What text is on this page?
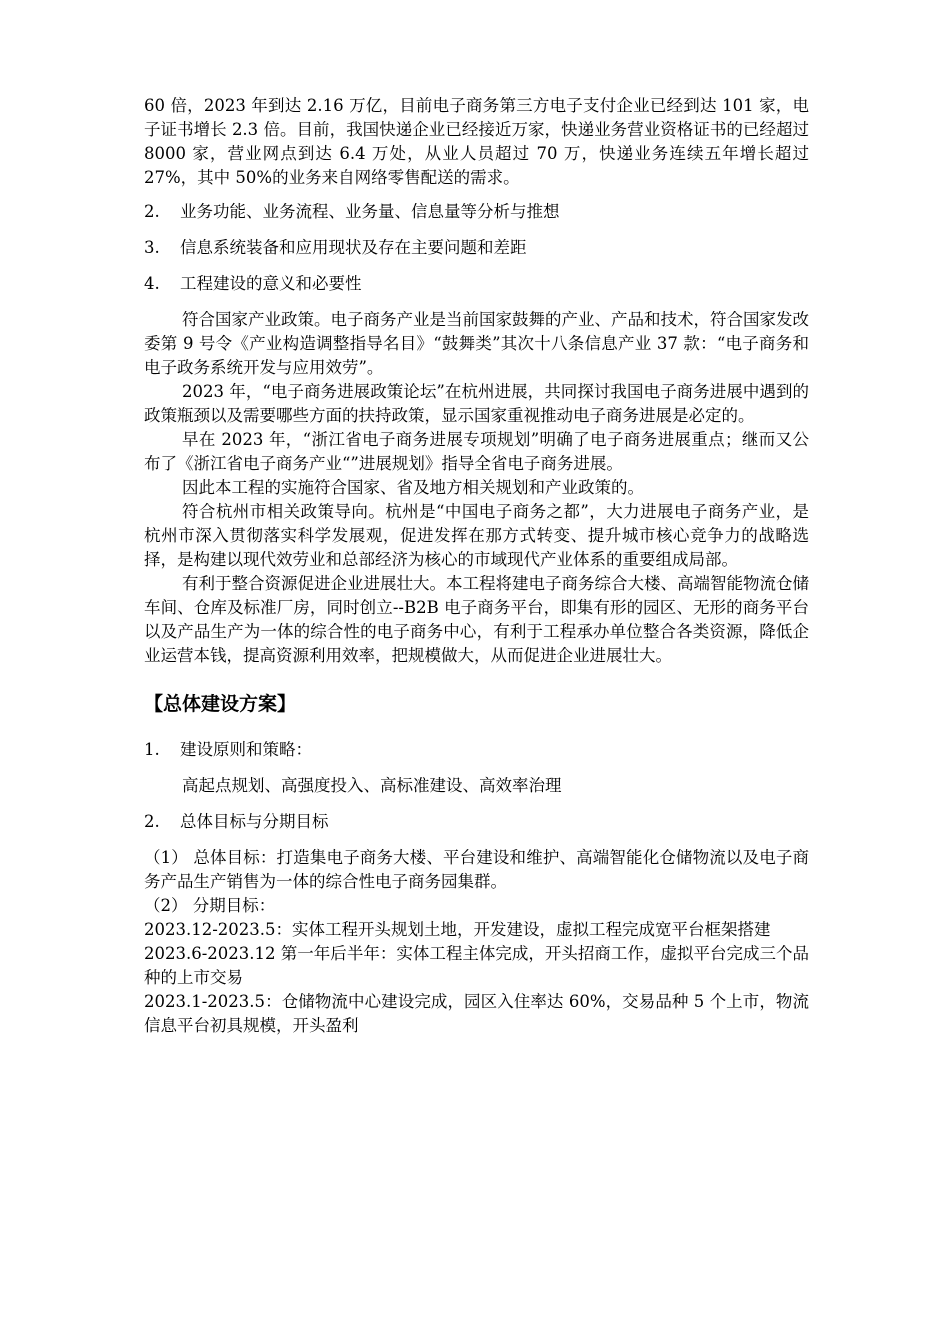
60 倍，2023 年到达 2.16 万亿，目前电子商务第三方电子支付企业已经到达 101 家，电子证书增长 2.3 倍。目前，我国快递企业已经接近万家，快递业务营业资格证书的已经超过 8000 家，营业网点到达 6.4 万处，从业人员超过 70 万，快递业务连续五年增长超过 27%，其中 50%的业务来自网络零售配送的需求。

2. 业务功能、业务流程、业务量、信息量等分析与推想

3. 信息系统装备和应用现状及存在主要问题和差距

4. 工程建设的意义和必要性

符合国家产业政策。电子商务产业是当前国家鼓舞的产业、产品和技术，符合国家发改委第 9 号令《产业构造调整指导名目》“鼓舞类”其次十八条信息产业 37 款：“电子商务和电子政务系统开发与应用效劳”。

2023 年，“电子商务进展政策论坛”在杭州进展，共同探讨我国电子商务进展中遇到的政策瓶颈以及需要哪些方面的扶持政策，显示国家重视推动电子商务进展是必定的。

早在 2023 年，“浙江省电子商务进展专项规划”明确了电子商务进展重点；继而又公布了《浙江省电子商务产业“”进展规划》指导全省电子商务进展。

因此本工程的实施符合国家、省及地方相关规划和产业政策的。

符合杭州市相关政策导向。杭州是“中国电子商务之都”，大力进展电子商务产业，是杭州市深入贯彻落实科学发展观，促进发挥在那方式转变、提升城市核心竞争力的战略选择，是构建以现代效劳业和总部经济为核心的市域现代产业体系的重要组成局部。

有利于整合资源促进企业进展壮大。本工程将建电子商务综合大楼、高端智能物流仓储车间、仓库及标准厂房，同时创立--B2B 电子商务平台，即集有形的园区、无形的商务平台以及产品生产为一体的综合性的电子商务中心，有利于工程承办单位整合各类资源，降低企业运营本钱，提高资源利用效率，把规模做大，从而促进企业进展壮大。

【总体建设方案】

1. 建设原则和策略：

高起点规划、高强度投入、高标准建设、高效率治理

2. 总体目标与分期目标

（1） 总体目标：打造集电子商务大楼、平台建设和维护、高端智能化仓储物流以及电子商务产品生产销售为一体的综合性电子商务园集群。

（2） 分期目标：

2023.12-2023.5：实体工程开头规划土地，开发建设，虚拟工程完成宽平台框架搭建

2023.6-2023.12 第一年后半年：实体工程主体完成，开头招商工作，虚拟平台完成三个品种的上市交易

2023.1-2023.5：仓储物流中心建设完成，园区入住率达 60%，交易品种 5 个上市，物流信息平台初具规模，开头盈利
